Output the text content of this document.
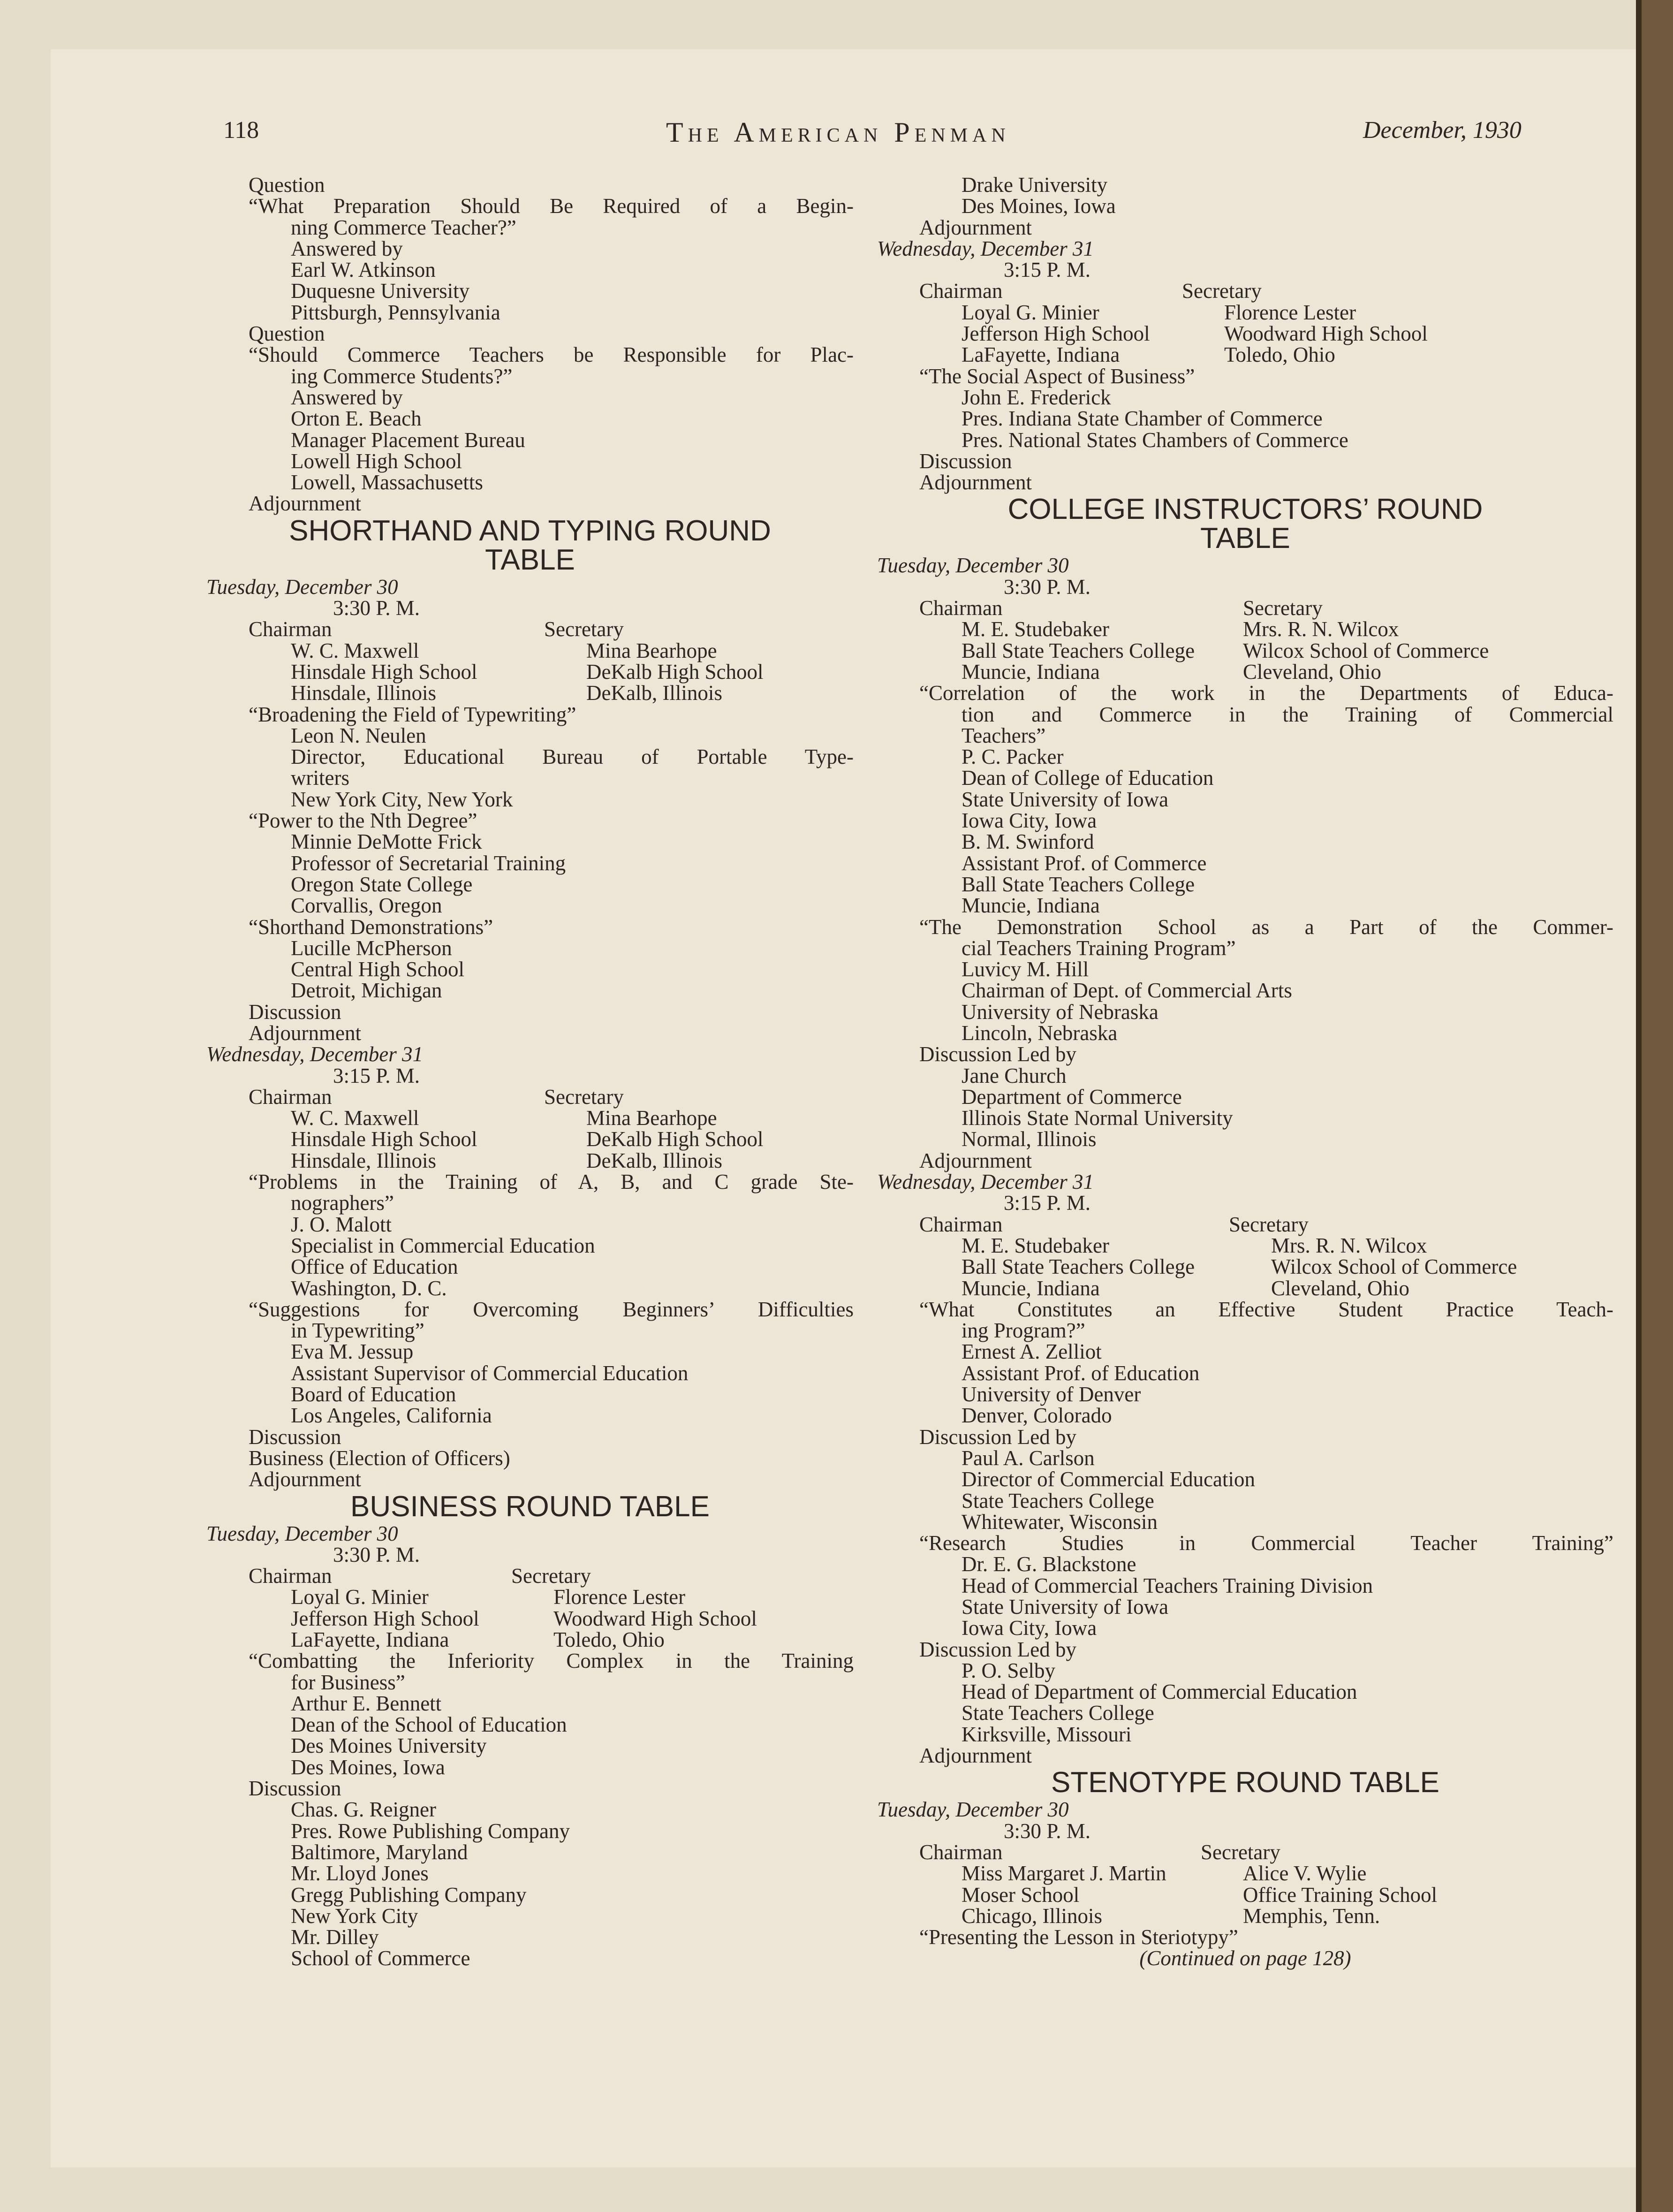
118	The American Penman	December, 1930
Question
“What Preparation Should Be Required of a Begin-
ning Commerce Teacher?”
Answered by
Earl W. Atkinson
Duquesne University
Pittsburgh, Pennsylvania
Question
“Should Commerce Teachers be Responsible for Plac-
ing Commerce Students?”
Answered by
Orton E. Beach
Manager Placement Bureau
Lowell High School
Lowell, Massachusetts
Adjournment
SHORTHAND AND TYPING ROUND
TABLE
Tuesday, December 30
3:30 P. M.
Chairman	Secretary
W. C. Maxwell	Mina Bearhope
Hinsdale High School	DeKalb High School
Hinsdale, Illinois	DeKalb, Illinois
“Broadening the Field of Typewriting”
Leon N. Neulen
Director, Educational Bureau of Portable Type-
writers
New York City, New York
“Power to the Nth Degree”
Minnie DeMotte Frick
Professor of Secretarial Training
Oregon State College
Corvallis, Oregon
“Shorthand Demonstrations”
Lucille McPherson
Central High School
Detroit, Michigan
Discussion
Adjournment
Wednesday, December 31
3:15 P. M.
Chairman	Secretary
W. C. Maxwell	Mina Bearhope
Hinsdale High School	DeKalb High School
Hinsdale, Illinois	DeKalb, Illinois
“Problems in the Training of A, B, and C grade Ste-
nographers”
J. O. Malott
Specialist in Commercial Education
Office of Education
Washington, D. C.
“Suggestions for Overcoming Beginners’ Difficulties
in Typewriting”
Eva M. Jessup
Assistant Supervisor of Commercial Education
Board of Education
Los Angeles, California
Discussion
Business (Election of Officers)
Adjournment
BUSINESS ROUND TABLE
Tuesday, December 30
3:30 P. M.
Chairman	Secretary
Loyal G. Minier	Florence Lester
Jefferson High School	Woodward High School
LaFayette, Indiana	Toledo, Ohio
“Combatting the Inferiority Complex in the Training
for Business”
Arthur E. Bennett
Dean of the School of Education
Des Moines University
Des Moines, Iowa
Discussion
Chas. G. Reigner
Pres. Rowe Publishing Company
Baltimore, Maryland
Mr. Lloyd Jones
Gregg Publishing Company
New York City
Mr. Dilley
School of Commerce
Drake University
Des Moines, Iowa
Adjournment
Wednesday, December 31
3:15 P. M.
Chairman	Secretary
Loyal G. Minier	Florence Lester
Jefferson High School	Woodward High School
LaFayette, Indiana	Toledo, Ohio
“The Social Aspect of Business”
John E. Frederick
Pres. Indiana State Chamber of Commerce
Pres. National States Chambers of Commerce
Discussion
Adjournment
COLLEGE INSTRUCTORS’ ROUND
TABLE
Tuesday, December 30
3:30 P. M.
Chairman	Secretary
M. E. Studebaker	Mrs. R. N. Wilcox
Ball State Teachers College	Wilcox School of Commerce
Muncie, Indiana	Cleveland, Ohio
“Correlation of the work in the Departments of Educa-
tion and Commerce in the Training of Commercial
Teachers”
P. C. Packer
Dean of College of Education
State University of Iowa
Iowa City, Iowa
B. M. Swinford
Assistant Prof. of Commerce
Ball State Teachers College
Muncie, Indiana
“The Demonstration School as a Part of the Commer-
cial Teachers Training Program”
Luvicy M. Hill
Chairman of Dept. of Commercial Arts
University of Nebraska
Lincoln, Nebraska
Discussion Led by
Jane Church
Department of Commerce
Illinois State Normal University
Normal, Illinois
Adjournment
Wednesday, December 31
3:15 P. M.
Chairman	Secretary
M. E. Studebaker	Mrs. R. N. Wilcox
Ball State Teachers College	Wilcox School of Commerce
Muncie, Indiana	Cleveland, Ohio
“What Constitutes an Effective Student Practice Teach-
ing Program?”
Ernest A. Zelliot
Assistant Prof. of Education
University of Denver
Denver, Colorado
Discussion Led by
Paul A. Carlson
Director of Commercial Education
State Teachers College
Whitewater, Wisconsin
“Research Studies in Commercial Teacher Training”
Dr. E. G. Blackstone
Head of Commercial Teachers Training Division
State University of Iowa
Iowa City, Iowa
Discussion Led by
P. O. Selby
Head of Department of Commercial Education
State Teachers College
Kirksville, Missouri
Adjournment
STENOTYPE ROUND TABLE
Tuesday, December 30
3:30 P. M.
Chairman	Secretary
Miss Margaret J. Martin	Alice V. Wylie
Moser School	Office Training School
Chicago, Illinois	Memphis, Tenn.
“Presenting the Lesson in Steriotypy”
(Continued on page 128)
